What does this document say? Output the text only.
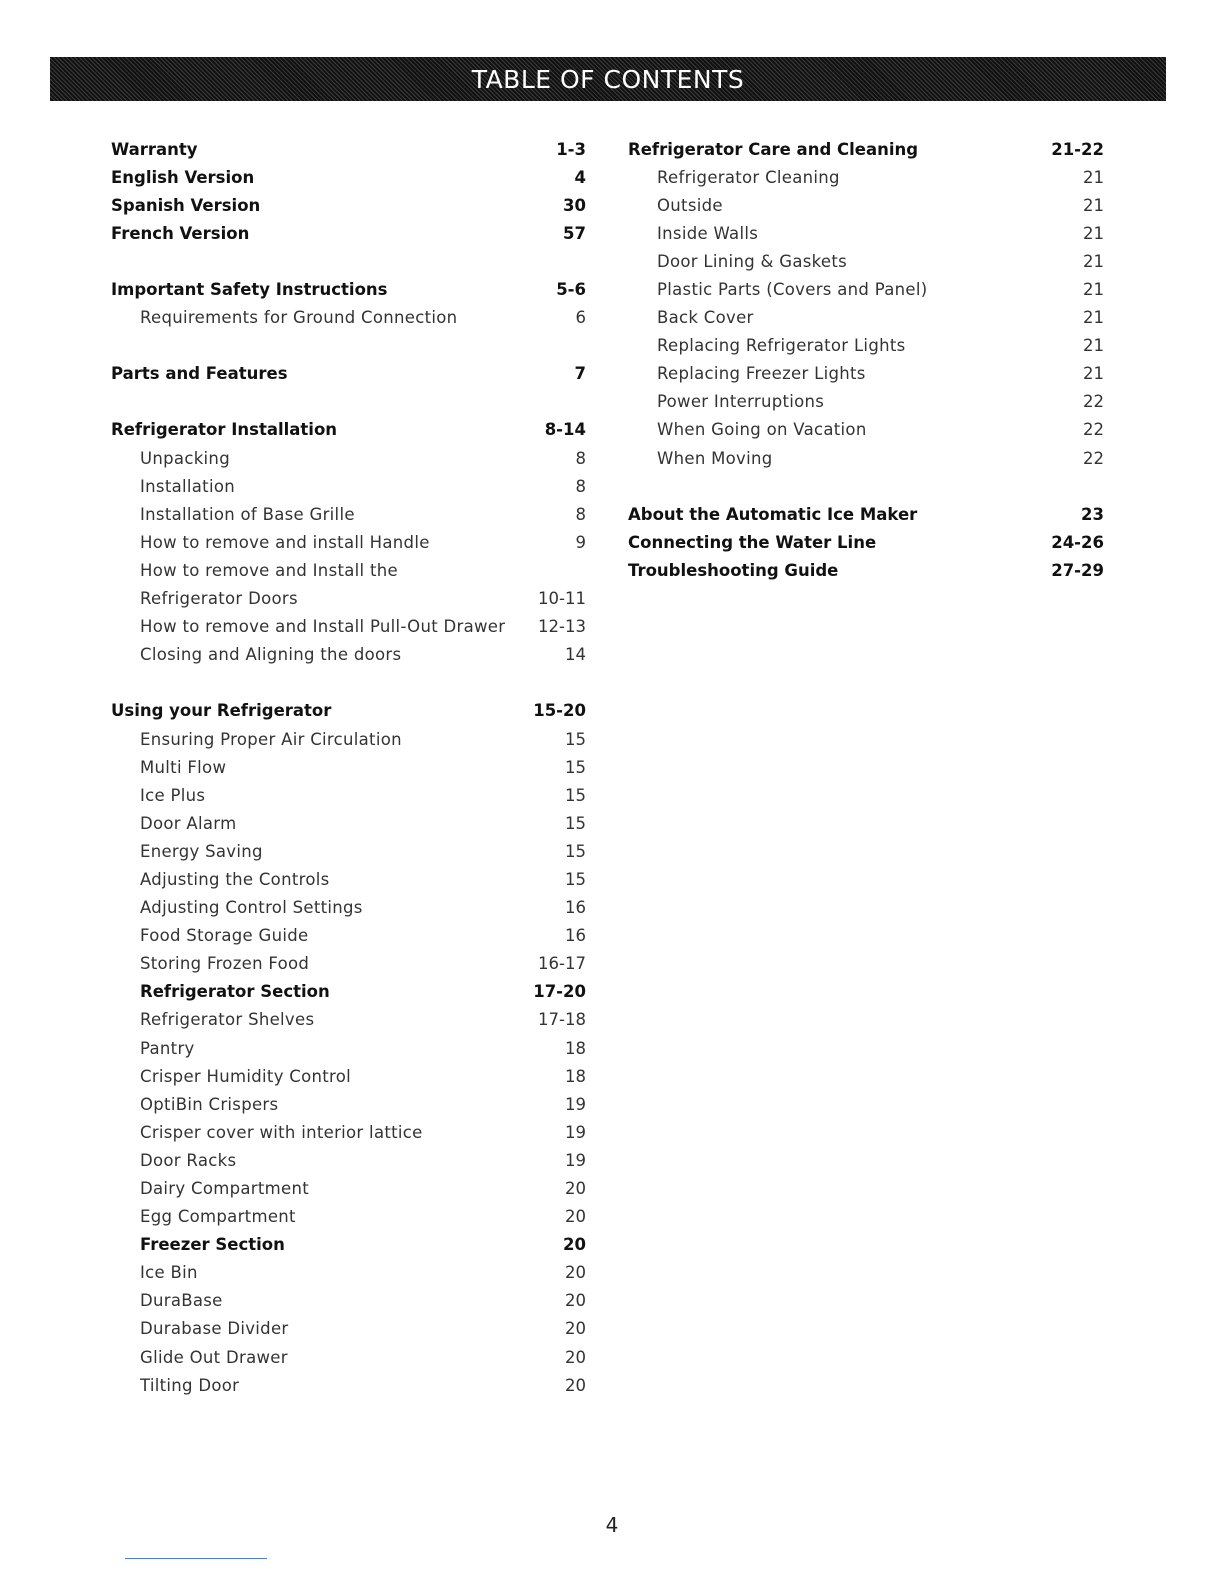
TABLE OF CONTENTS
Warranty	1-3
English Version	4
Spanish Version	30
French Version	57
Important Safety Instructions	5-6
Requirements for Ground Connection	6
Parts and Features	7
Refrigerator Installation	8-14
Unpacking	8
Installation	8
Installation of Base Grille	8
How to remove and install Handle	9
How to remove and Install the
Refrigerator Doors	10-11
How to remove and Install Pull-Out Drawer 12-13
Closing and Aligning the doors	14
Using your Refrigerator	15-20
Ensuring Proper Air Circulation	15
Multi Flow	15
Ice Plus	15
Door Alarm	15
Energy Saving	15
Adjusting the Controls	15
Adjusting Control Settings	16
Food Storage Guide	16
Storing Frozen Food	16-17
Refrigerator Section	17-20
Refrigerator Shelves	17-18
Pantry	18
Crisper Humidity Control	18
OptiBin Crispers	19
Crisper cover with interior lattice	19
Door Racks	19
Dairy Compartment	20
Egg Compartment	20
Freezer Section	20
Ice Bin	20
DuraBase	20
Durabase Divider	20
Glide Out Drawer	20
Tilting Door	20
Refrigerator Care and Cleaning	21-22
Refrigerator Cleaning	21
Outside	21
Inside Walls	21
Door Lining & Gaskets	21
Plastic Parts (Covers and Panel)	21
Back Cover	21
Replacing Refrigerator Lights	21
Replacing Freezer Lights	21
Power Interruptions	22
When Going on Vacation	22
When Moving	22
About the Automatic Ice Maker	23
Connecting the Water Line	24-26
Troubleshooting Guide	27-29
4
